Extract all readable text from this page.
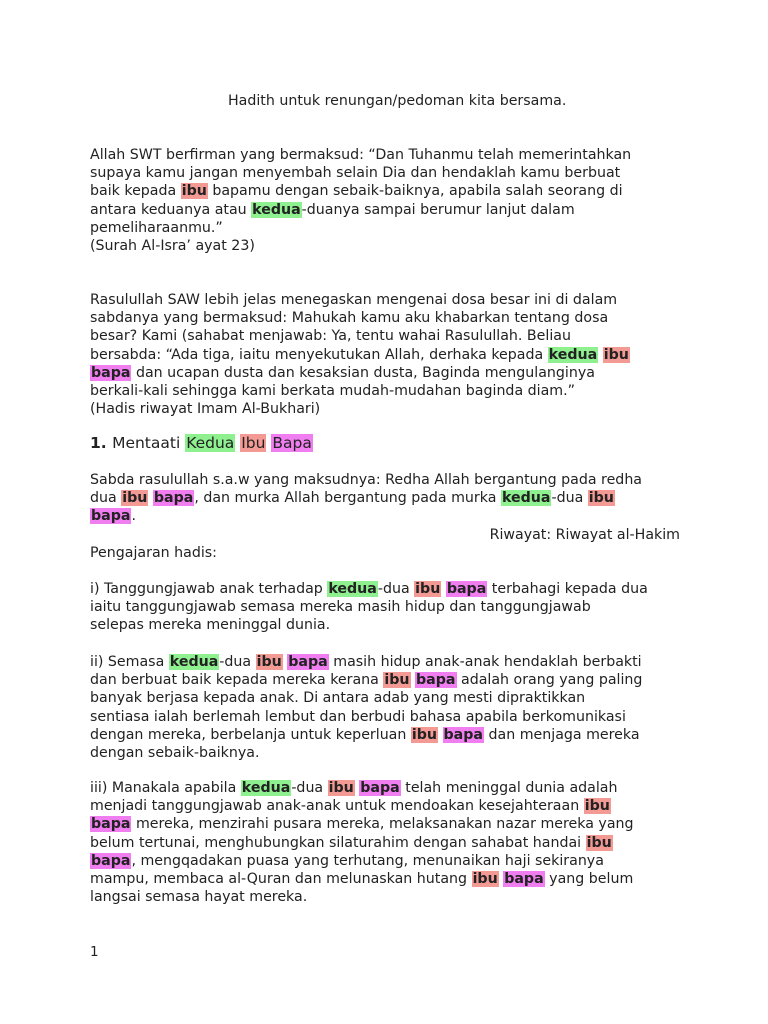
Hadith untuk renungan/pedoman kita bersama.
Allah SWT berfirman yang bermaksud: “Dan Tuhanmu telah memerintahkan
supaya kamu jangan menyembah selain Dia dan hendaklah kamu berbuat
baik kepada ibu bapamu dengan sebaik-baiknya, apabila salah seorang di
antara keduanya atau kedua-duanya sampai berumur lanjut dalam
pemeliharaanmu.”
(Surah Al-Isra’ ayat 23)
Rasulullah SAW lebih jelas menegaskan mengenai dosa besar ini di dalam
sabdanya yang bermaksud: Mahukah kamu aku khabarkan tentang dosa
besar? Kami (sahabat menjawab: Ya, tentu wahai Rasulullah. Beliau
bersabda: “Ada tiga, iaitu menyekutukan Allah, derhaka kepada kedua ibu
bapa dan ucapan dusta dan kesaksian dusta, Baginda mengulanginya
berkali-kali sehingga kami berkata mudah-mudahan baginda diam.”
(Hadis riwayat Imam Al-Bukhari)
1. Mentaati Kedua Ibu Bapa
Sabda rasulullah s.a.w yang maksudnya: Redha Allah bergantung pada redha
dua ibu bapa, dan murka Allah bergantung pada murka kedua-dua ibu
bapa.
Riwayat: Riwayat al-Hakim
Pengajaran hadis:
i) Tanggungjawab anak terhadap kedua-dua ibu bapa terbahagi kepada dua
iaitu tanggungjawab semasa mereka masih hidup dan tanggungjawab
selepas mereka meninggal dunia.
ii) Semasa kedua-dua ibu bapa masih hidup anak-anak hendaklah berbakti
dan berbuat baik kepada mereka kerana ibu bapa adalah orang yang paling
banyak berjasa kepada anak. Di antara adab yang mesti dipraktikkan
sentiasa ialah berlemah lembut dan berbudi bahasa apabila berkomunikasi
dengan mereka, berbelanja untuk keperluan ibu bapa dan menjaga mereka
dengan sebaik-baiknya.
iii) Manakala apabila kedua-dua ibu bapa telah meninggal dunia adalah
menjadi tanggungjawab anak-anak untuk mendoakan kesejahteraan ibu
bapa mereka, menzirahi pusara mereka, melaksanakan nazar mereka yang
belum tertunai, menghubungkan silaturahim dengan sahabat handai ibu
bapa, mengqadakan puasa yang terhutang, menunaikan haji sekiranya
mampu, membaca al-Quran dan melunaskan hutang ibu bapa yang belum
langsai semasa hayat mereka.
1
